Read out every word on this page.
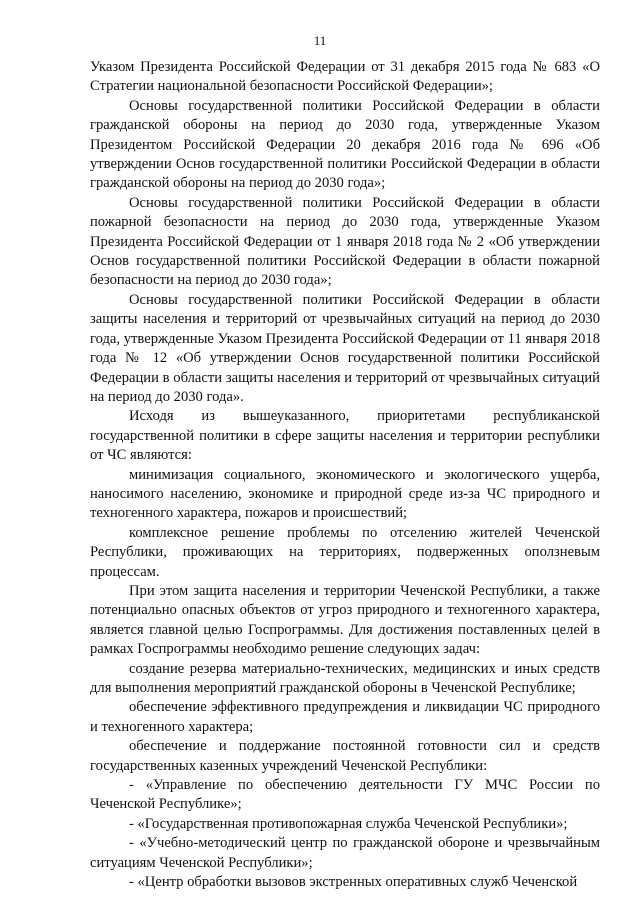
11

Указом Президента Российской Федерации от 31 декабря 2015 года № 683 «О Стратегии национальной безопасности Российской Федерации»;

Основы государственной политики Российской Федерации в области гражданской обороны на период до 2030 года, утвержденные Указом Президентом Российской Федерации 20 декабря 2016 года № 696 «Об утверждении Основ государственной политики Российской Федерации в области гражданской обороны на период до 2030 года»;

Основы государственной политики Российской Федерации в области пожарной безопасности на период до 2030 года, утвержденные Указом Президента Российской Федерации от 1 января 2018 года № 2 «Об утверждении Основ государственной политики Российской Федерации в области пожарной безопасности на период до 2030 года»;

Основы государственной политики Российской Федерации в области защиты населения и территорий от чрезвычайных ситуаций на период до 2030 года, утвержденные Указом Президента Российской Федерации от 11 января 2018 года № 12 «Об утверждении Основ государственной политики Российской Федерации в области защиты населения и территорий от чрезвычайных ситуаций на период до 2030 года».

Исходя из вышеуказанного, приоритетами республиканской государственной политики в сфере защиты населения и территории республики от ЧС являются:

минимизация социального, экономического и экологического ущерба, наносимого населению, экономике и природной среде из-за ЧС природного и техногенного характера, пожаров и происшествий;

комплексное решение проблемы по отселению жителей Чеченской Республики, проживающих на территориях, подверженных оползневым процессам.

При этом защита населения и территории Чеченской Республики, а также потенциально опасных объектов от угроз природного и техногенного характера, является главной целью Госпрограммы. Для достижения поставленных целей в рамках Госпрограммы необходимо решение следующих задач:

создание резерва материально-технических, медицинских и иных средств для выполнения мероприятий гражданской обороны в Чеченской Республике;

обеспечение эффективного предупреждения и ликвидации ЧС природного и техногенного характера;

обеспечение и поддержание постоянной готовности сил и средств государственных казенных учреждений Чеченской Республики:

- «Управление по обеспечению деятельности ГУ МЧС России по Чеченской Республике»;

- «Государственная противопожарная служба Чеченской Республики»;

- «Учебно-методический центр по гражданской обороне и чрезвычайным ситуациям Чеченской Республики»;

- «Центр обработки вызовов экстренных оперативных служб Чеченской
